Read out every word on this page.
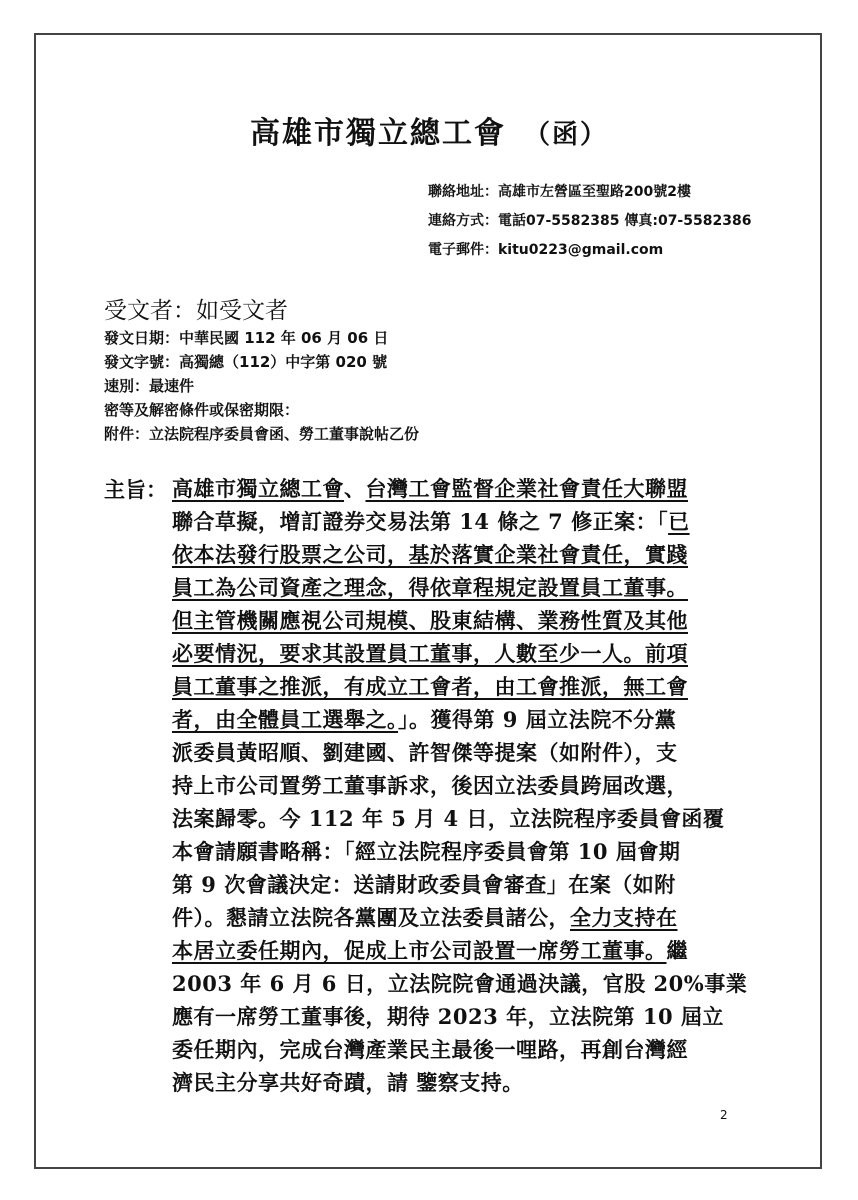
高雄市獨立總工會 （函）
聯絡地址：高雄市左營區至聖路200號2樓
連絡方式：電話07-5582385 傳真:07-5582386
電子郵件：kitu0223@gmail.com
受文者：如受文者
發文日期：中華民國 112 年 06 月 06 日
發文字號：高獨總（112）中字第 020 號
速別：最速件
密等及解密條件或保密期限：
附件：立法院程序委員會函、勞工董事說帖乙份
主旨： 高雄市獨立總工會、台灣工會監督企業社會責任大聯盟
聯合草擬，增訂證券交易法第 14 條之 7 修正案：「已
依本法發行股票之公司，基於落實企業社會責任，實踐
員工為公司資產之理念，得依章程規定設置員工董事。
但主管機關應視公司規模、股東結構、業務性質及其他
必要情況，要求其設置員工董事，人數至少一人。前項
員工董事之推派，有成立工會者，由工會推派，無工會
者，由全體員工選舉之。」。獲得第 9 屆立法院不分黨
派委員黃昭順、劉建國、許智傑等提案（如附件），支
持上市公司置勞工董事訴求，後因立法委員跨屆改選，
法案歸零。今 112 年 5 月 4 日，立法院程序委員會函覆
本會請願書略稱：「經立法院程序委員會第 10 屆會期
第 9 次會議決定：送請財政委員會審查」在案（如附
件）。懇請立法院各黨團及立法委員諸公，全力支持在
本居立委任期內，促成上市公司設置一席勞工董事。繼
2003 年 6 月 6 日，立法院院會通過決議，官股 20%事業
應有一席勞工董事後，期待 2023 年，立法院第 10 屆立
委任期內，完成台灣產業民主最後一哩路，再創台灣經
濟民主分享共好奇蹟，請 鑒察支持。
2
